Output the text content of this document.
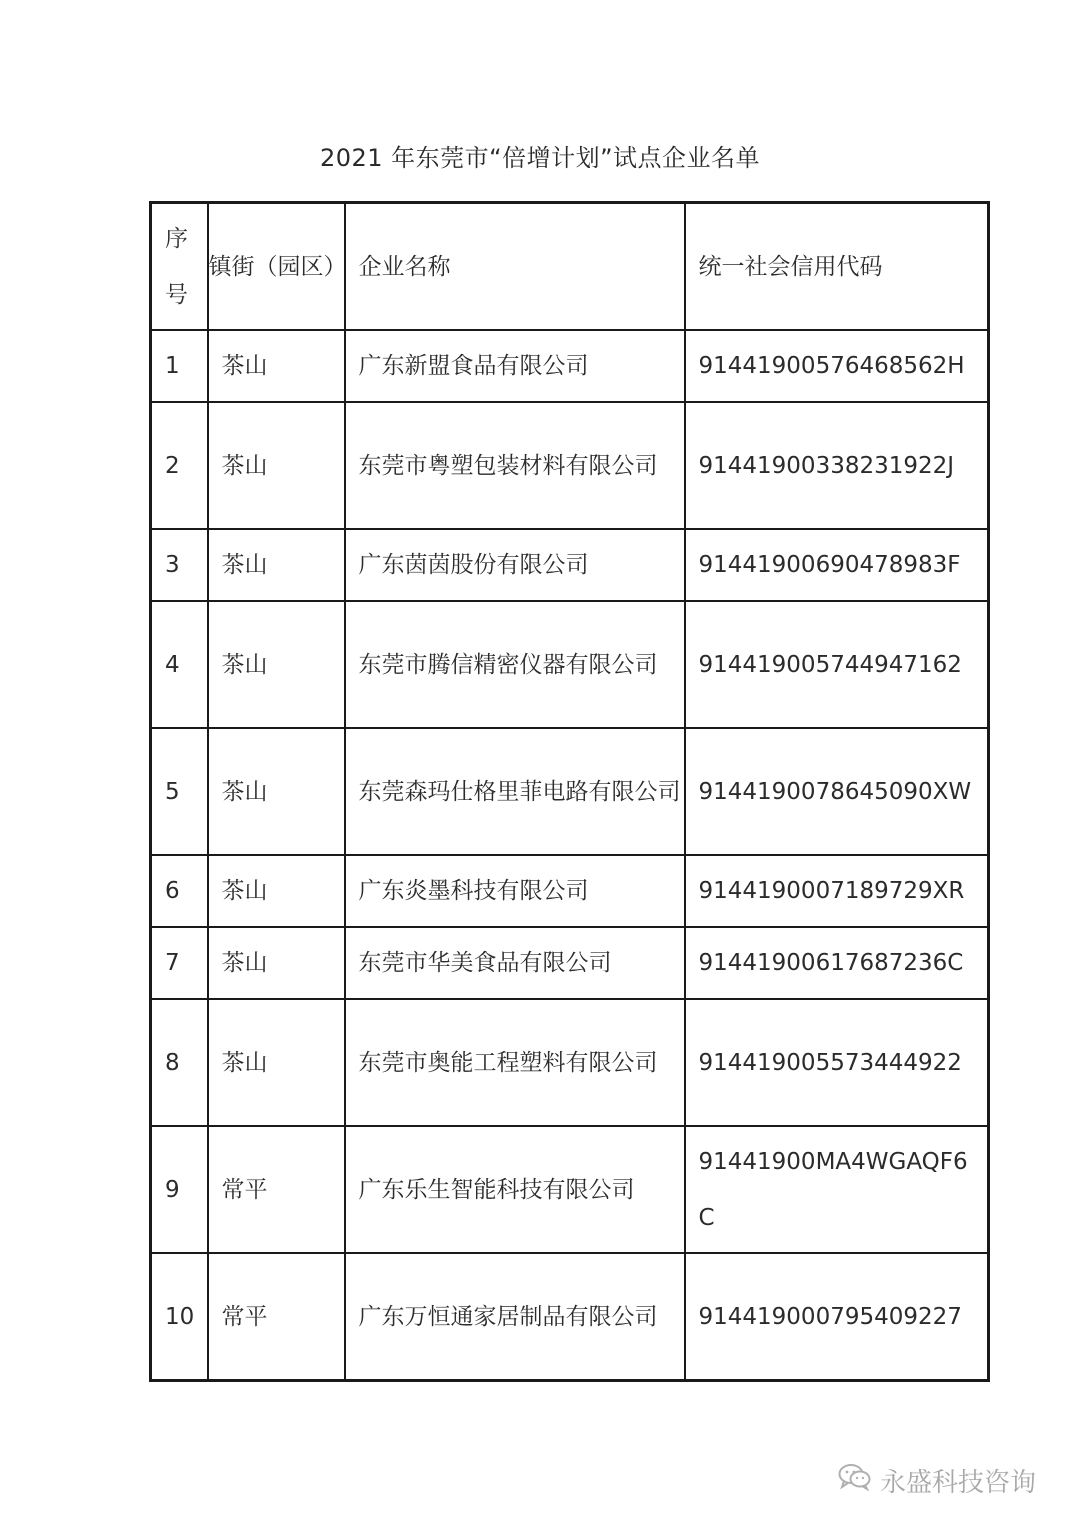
2021 年东莞市“倍增计划”试点企业名单
序号	镇街（园区）	企业名称	统一社会信用代码
1	茶山	广东新盟食品有限公司	91441900576468562H
2	茶山	东莞市粤塑包装材料有限公司	91441900338231922J
3	茶山	广东茵茵股份有限公司	91441900690478983F
4	茶山	东莞市腾信精密仪器有限公司	914419005744947162
5	茶山	东莞森玛仕格里菲电路有限公司	9144190078645090XW
6	茶山	广东炎墨科技有限公司	9144190007189729XR
7	茶山	东莞市华美食品有限公司	91441900617687236C
8	茶山	东莞市奥能工程塑料有限公司	914419005573444922
9	常平	广东乐生智能科技有限公司	91441900MA4WGAQF6C
10	常平	广东万恒通家居制品有限公司	914419000795409227
永盛科技咨询
